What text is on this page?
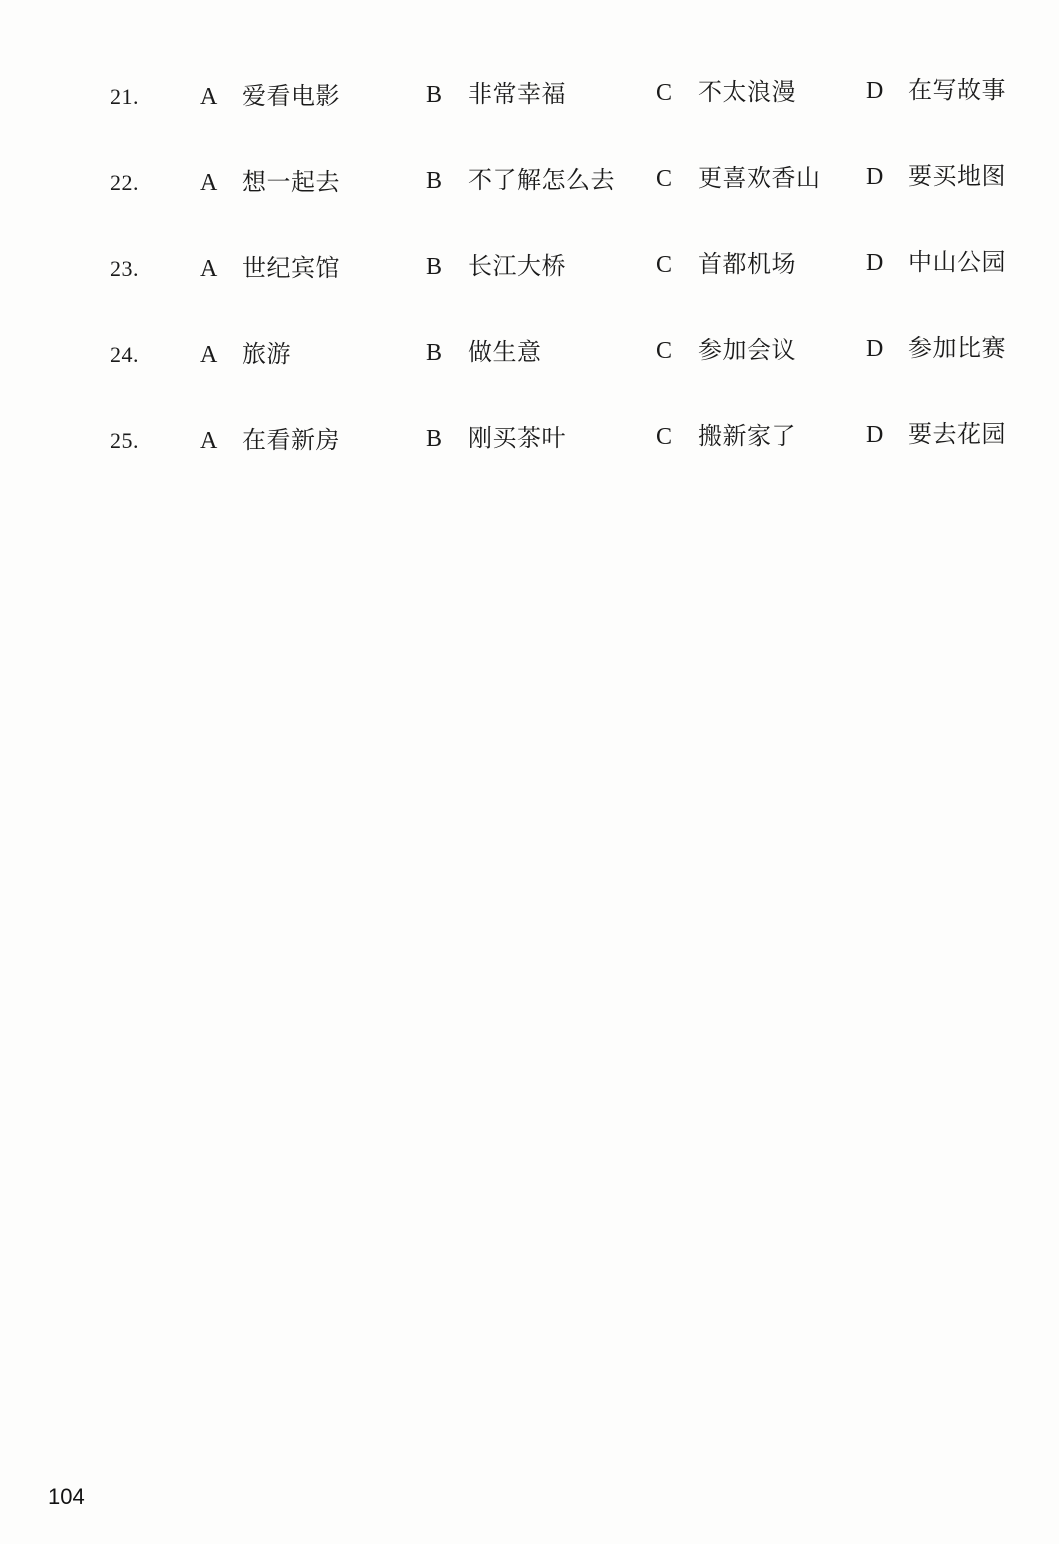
21.	A 爱看电影	B 非常幸福	C 不太浪漫	D 在写故事
22.	A 想一起去	B 不了解怎么去 C 更喜欢香山 D 要买地图
23.	A 世纪宾馆	B 长江大桥	C 首都机场	D 中山公园
24.	A 旅游	B 做生意	C 参加会议	D 参加比赛
25.	A 在看新房	B 刚买茶叶	C 搬新家了	D 要去花园
104
